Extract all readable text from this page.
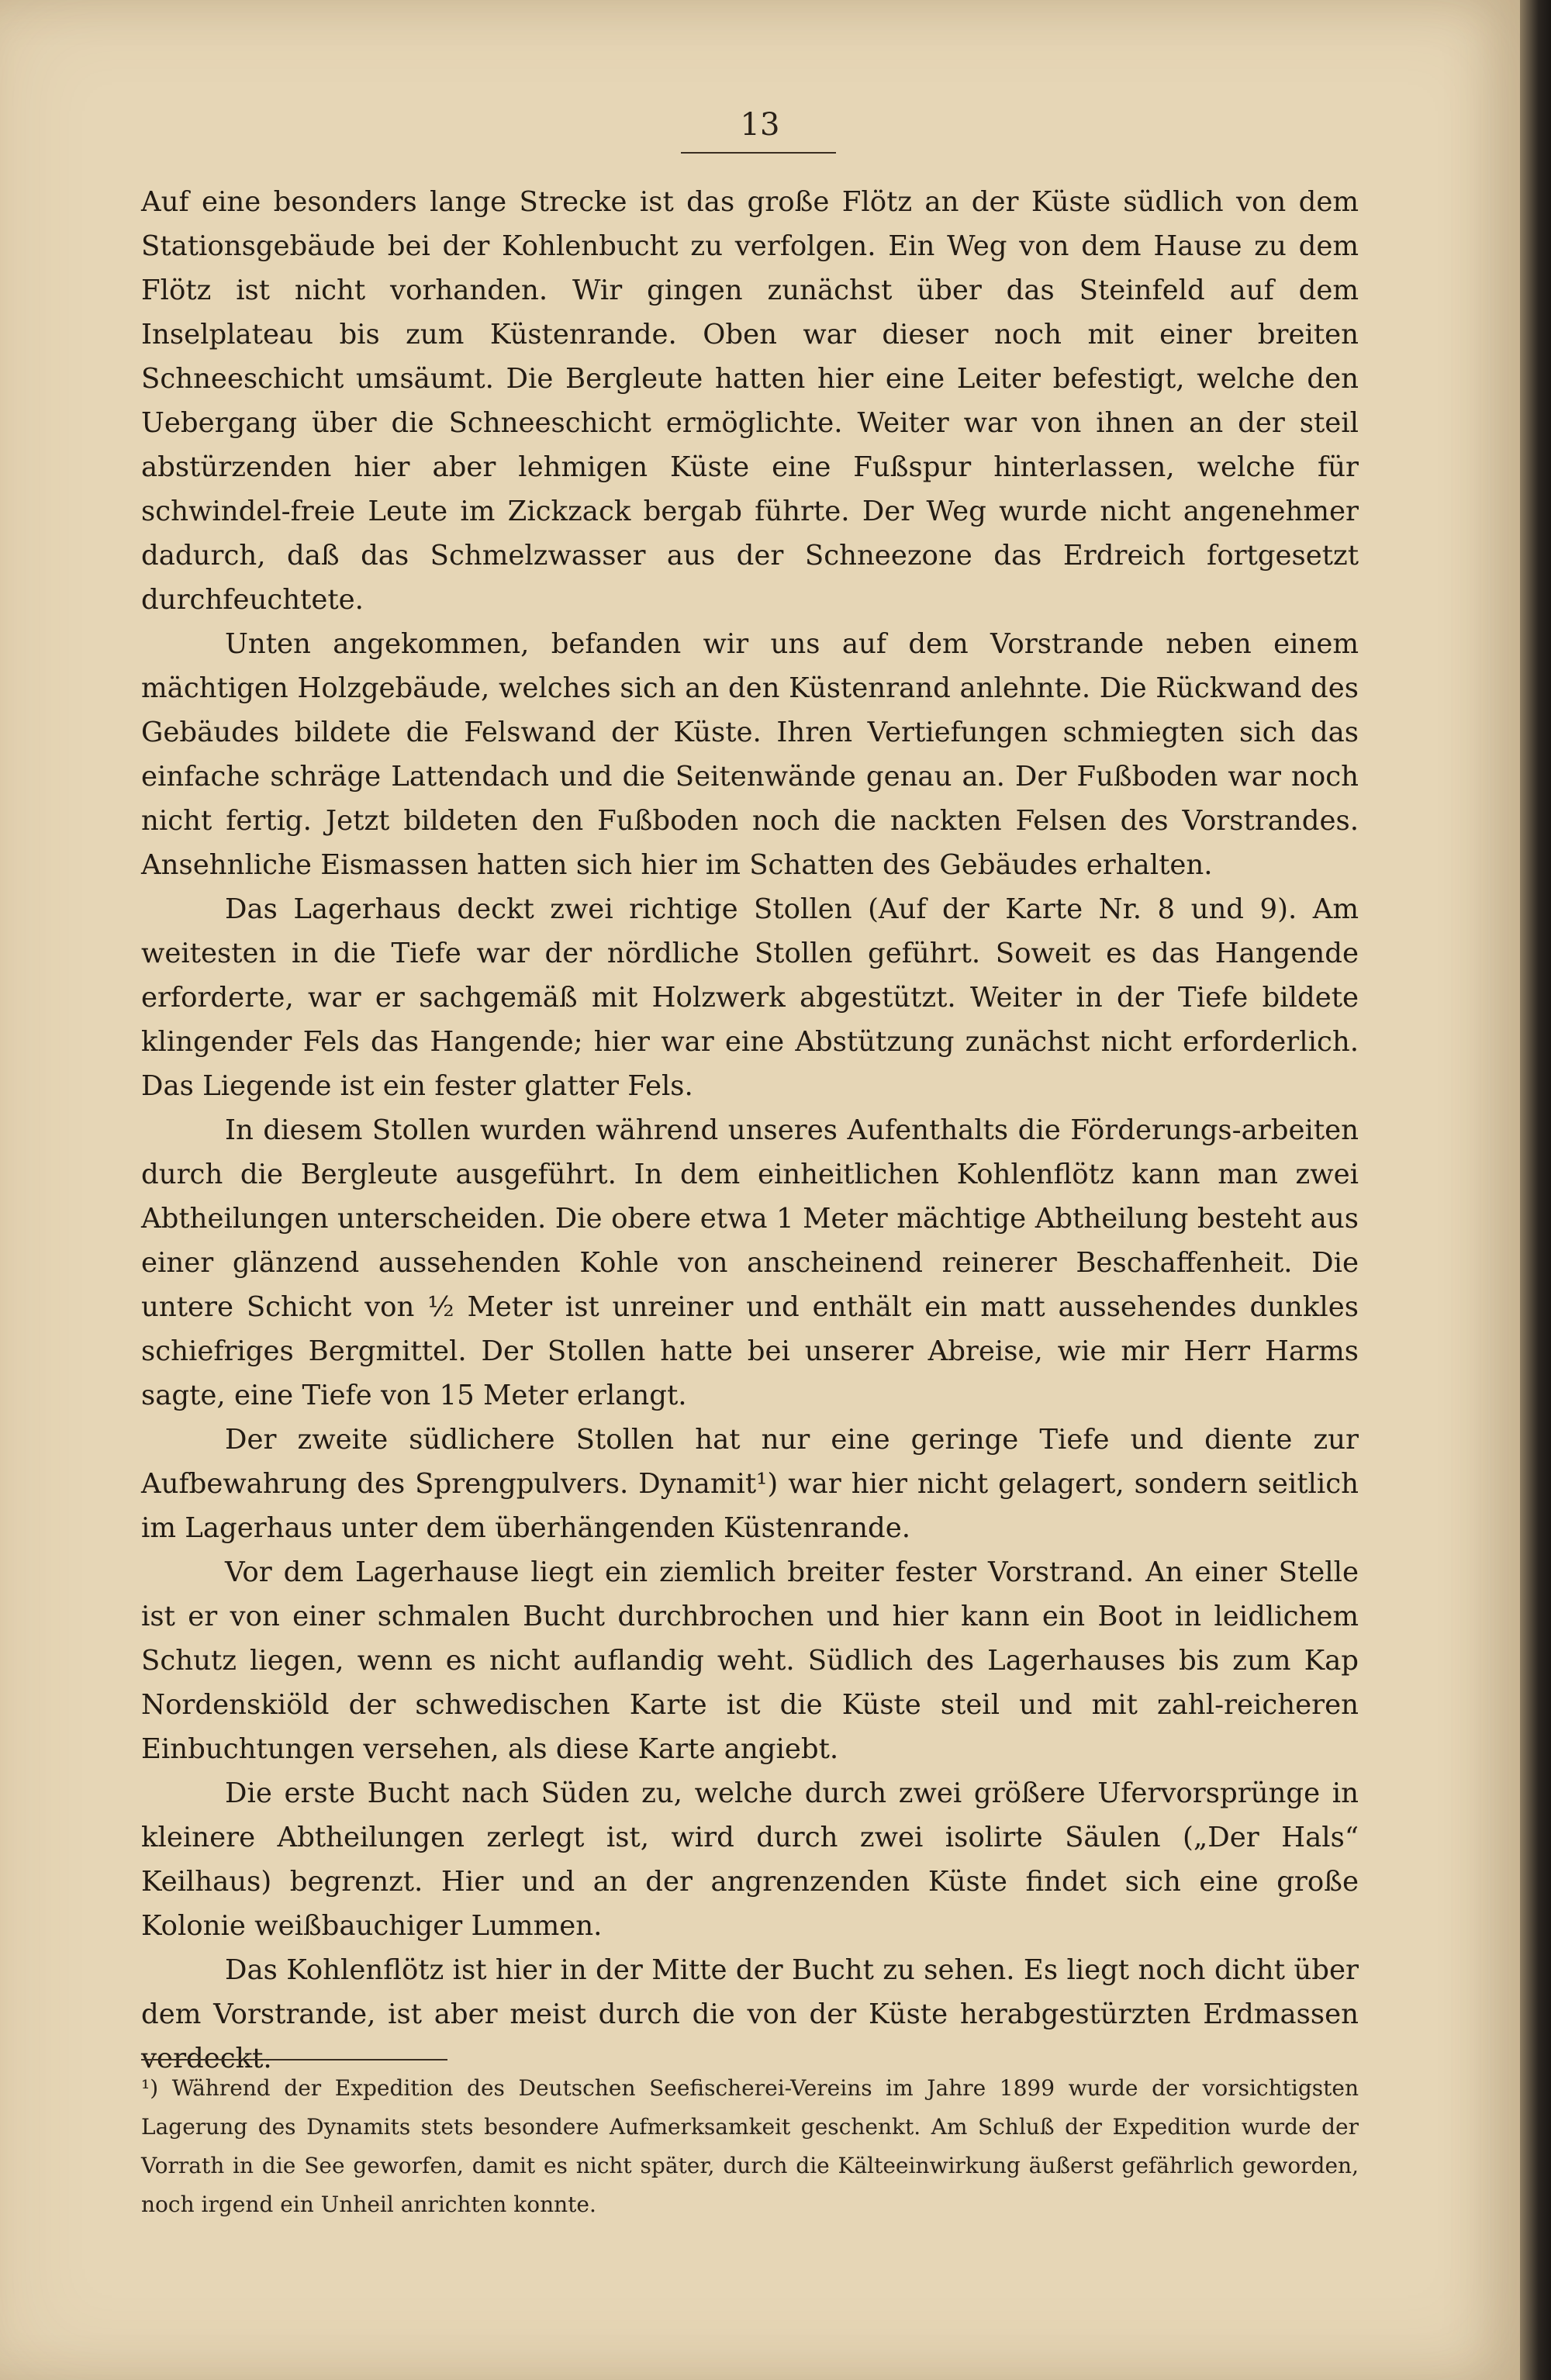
13

Auf eine besonders lange Strecke ist das große Flötz an der Küste südlich von dem Stationsgebäude bei der Kohlenbucht zu verfolgen. Ein Weg von dem Hause zu dem Flötz ist nicht vorhanden. Wir gingen zunächst über das Steinfeld auf dem Inselplateau bis zum Küstenrande. Oben war dieser noch mit einer breiten Schneeschicht umsäumt. Die Bergleute hatten hier eine Leiter befestigt, welche den Uebergang über die Schneeschicht ermöglichte. Weiter war von ihnen an der steil abstürzenden hier aber lehmigen Küste eine Fußspur hinterlassen, welche für schwindel-freie Leute im Zickzack bergab führte. Der Weg wurde nicht angenehmer dadurch, daß das Schmelzwasser aus der Schneezone das Erdreich fortgesetzt durchfeuchtete.

Unten angekommen, befanden wir uns auf dem Vorstrande neben einem mächtigen Holzgebäude, welches sich an den Küstenrand anlehnte. Die Rückwand des Gebäudes bildete die Felswand der Küste. Ihren Vertiefungen schmiegten sich das einfache schräge Lattendach und die Seitenwände genau an. Der Fußboden war noch nicht fertig. Jetzt bildeten den Fußboden noch die nackten Felsen des Vorstrandes. Ansehnliche Eismassen hatten sich hier im Schatten des Gebäudes erhalten.

Das Lagerhaus deckt zwei richtige Stollen (Auf der Karte Nr. 8 und 9). Am weitesten in die Tiefe war der nördliche Stollen geführt. Soweit es das Hangende erforderte, war er sachgemäß mit Holzwerk abgestützt. Weiter in der Tiefe bildete klingender Fels das Hangende; hier war eine Abstützung zunächst nicht erforderlich. Das Liegende ist ein fester glatter Fels.

In diesem Stollen wurden während unseres Aufenthalts die Förderungs-arbeiten durch die Bergleute ausgeführt. In dem einheitlichen Kohlenflötz kann man zwei Abtheilungen unterscheiden. Die obere etwa 1 Meter mächtige Abtheilung besteht aus einer glänzend aussehenden Kohle von anscheinend reinerer Beschaffenheit. Die untere Schicht von ½ Meter ist unreiner und enthält ein matt aussehendes dunkles schiefriges Bergmittel. Der Stollen hatte bei unserer Abreise, wie mir Herr Harms sagte, eine Tiefe von 15 Meter erlangt.

Der zweite südlichere Stollen hat nur eine geringe Tiefe und diente zur Aufbewahrung des Sprengpulvers. Dynamit¹) war hier nicht gelagert, sondern seitlich im Lagerhaus unter dem überhängenden Küstenrande.

Vor dem Lagerhause liegt ein ziemlich breiter fester Vorstrand. An einer Stelle ist er von einer schmalen Bucht durchbrochen und hier kann ein Boot in leidlichem Schutz liegen, wenn es nicht auflandig weht. Südlich des Lagerhauses bis zum Kap Nordenskiöld der schwedischen Karte ist die Küste steil und mit zahl-reicheren Einbuchtungen versehen, als diese Karte angiebt.

Die erste Bucht nach Süden zu, welche durch zwei größere Ufervorsprünge in kleinere Abtheilungen zerlegt ist, wird durch zwei isolirte Säulen („Der Hals“ Keilhaus) begrenzt. Hier und an der angrenzenden Küste findet sich eine große Kolonie weißbauchiger Lummen.

Das Kohlenflötz ist hier in der Mitte der Bucht zu sehen. Es liegt noch dicht über dem Vorstrande, ist aber meist durch die von der Küste herabgestürzten Erdmassen verdeckt.

¹) Während der Expedition des Deutschen Seefischerei-Vereins im Jahre 1899 wurde der vorsichtigsten Lagerung des Dynamits stets besondere Aufmerksamkeit geschenkt. Am Schluß der Expedition wurde der Vorrath in die See geworfen, damit es nicht später, durch die Kälteeinwirkung äußerst gefährlich geworden, noch irgend ein Unheil anrichten konnte.
